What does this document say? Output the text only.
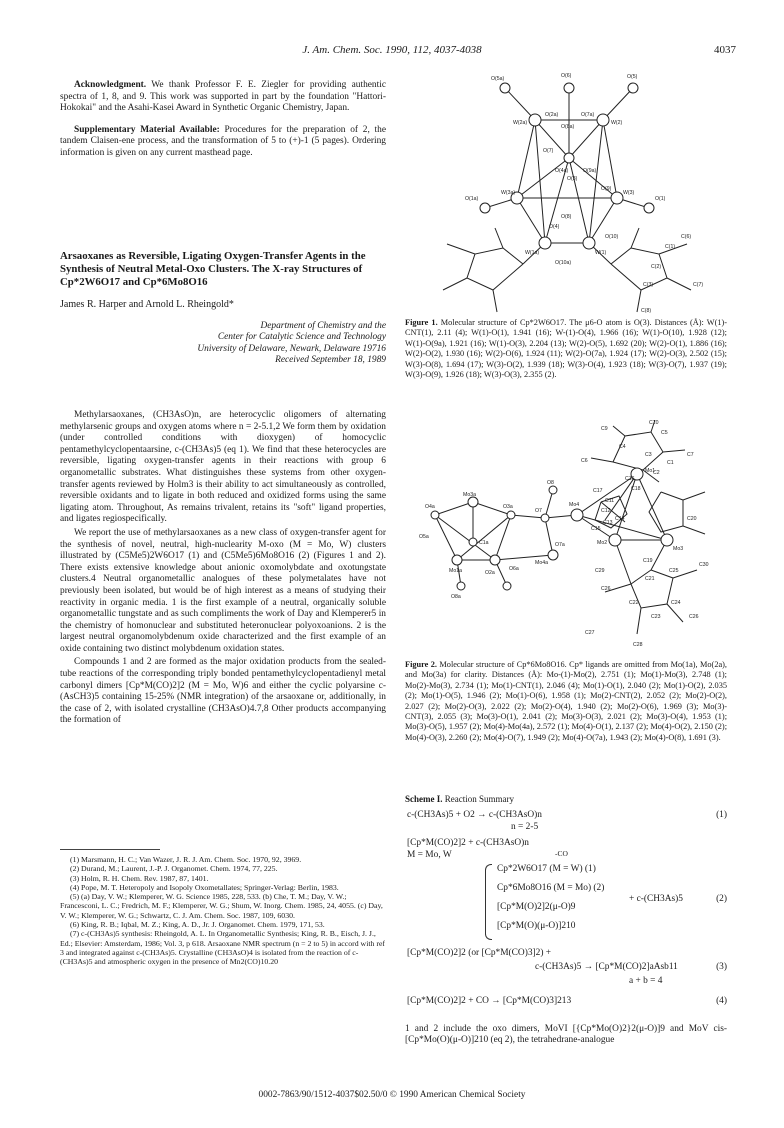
J. Am. Chem. Soc. 1990, 112, 4037-4038	4037

Acknowledgment. We thank Professor F. E. Ziegler for providing authentic spectra of 1, 8, and 9. This work was supported in part by the foundation "Hattori-Hokokai" and the Asahi-Kasei Award in Synthetic Organic Chemistry, Japan.

Supplementary Material Available: Procedures for the preparation of 2, the tandem Claisen-ene process, and the transformation of 5 to (+)-1 (5 pages). Ordering information is given on any current masthead page.

Arsaoxanes as Reversible, Ligating Oxygen-Transfer Agents in the Synthesis of Neutral Metal-Oxo Clusters. The X-ray Structures of Cp*2W6O17 and Cp*6Mo8O16

James R. Harper and Arnold L. Rheingold*

Department of Chemistry and the

Center for Catalytic Science and Technology

University of Delaware, Newark, Delaware 19716

Received September 18, 1989

Methylarsaoxanes, (CH3AsO)n, are heterocyclic oligomers of alternating methylarsenic groups and oxygen atoms where n = 2-5.1,2 We form them by oxidation (under controlled conditions with dioxygen) of homocyclic pentamethylcyclopentaarsine, c-(CH3As)5 (eq 1). We find that these heterocycles are reversible, ligating oxygen-transfer agents in their reactions with group 6 organometallic substrates. What distinguishes these systems from other oxygen-transfer agents reviewed by Holm3 is their ability to act simultaneously as controlled, reversible oxidants and to ligate in both reduced and oxidized forms using the same ligating atom. Throughout, As remains trivalent, retains its "soft" ligand properties, and ligates regiospecifically.

We report the use of methylarsaoxanes as a new class of oxygen-transfer agent for the synthesis of novel, neutral, high-nuclearity M-oxo (M = Mo, W) clusters illustrated by (C5Me5)2W6O17 (1) and (C5Me5)6Mo8O16 (2) (Figures 1 and 2). There exists extensive knowledge about anionic oxomolybdate and oxotungstate clusters.4 Neutral organometallic analogues of these polymetalates have not previously been isolated, but would be of high interest as a means of studying their reactivity in organic media. 1 is the first example of a neutral, organically soluble organometallic tungstate and as such compliments the work of Day and Klemperer5 in the chemistry of homonuclear and substituted heteronuclear polyoxoanions. 2 is the largest neutral organomolybdenum oxide characterized and the first example of an oxide containing two distinct molybdenum oxidation states.

Compounds 1 and 2 are formed as the major oxidation products from the sealed-tube reactions of the corresponding triply bonded pentamethylcyclopentadienyl metal carbonyl dimers [Cp*M(CO)2]2 (M = Mo, W)6 and either the cyclic polyarsine c-(AsCH3)5 containing 15-25% (NMR integration) of the arsaoxane or, additionally, in the case of 2, with isolated crystalline (CH3AsO)4.7,8 Other products accompanying the formation of

(1) Marsmann, H. C.; Van Wazer, J. R. J. Am. Chem. Soc. 1970, 92, 3969.

(2) Durand, M.; Laurent, J.-P. J. Organomet. Chem. 1974, 77, 225.

(3) Holm, R. H. Chem. Rev. 1987, 87, 1401.

(4) Pope, M. T. Heteropoly and Isopoly Oxometallates; Springer-Verlag: Berlin, 1983.

(5) (a) Day, V. W.; Klemperer, W. G. Science 1985, 228, 533. (b) Che, T. M.; Day, V. W.; Francesconi, L. C.; Fredrich, M. F.; Klemperer, W. G.; Shum, W. Inorg. Chem. 1985, 24, 4055. (c) Day, V. W.; Klemperer, W. G.; Schwartz, C. J. Am. Chem. Soc. 1987, 109, 6030.

(6) King, R. B.; Iqbal, M. Z.; King, A. D., Jr. J. Organomet. Chem. 1979, 171, 53.

(7) c-(CH3As)5 synthesis: Rheingold, A. L. In Organometallic Synthesis; King, R. B., Eisch, J. J., Ed.; Elsevier: Amsterdam, 1986; Vol. 3, p 618. Arsaoxane NMR spectrum (n = 2 to 5) in accord with ref 3 and integrated against c-(CH3As)5. Crystalline (CH3AsO)4 is isolated from the reaction of c-(CH3As)5 and atmospheric oxygen in the presence of Mn2(CO)10.20

O(5a)	O(6)	O(5)
W(2a)
O(2a)
O(8a)
O(7a)
W(2)
O(7)
O(4a)
O(1a)
O(3)
O(9a)
O(1)
O(9)
W(3a)	W(3)
W(1a)
O(4)
W(1)
O(10)	C(6)
O(8)
O(10a)
C(1)
C(2)
C(7)
C(3)
C(8)

Figure 1. Molecular structure of Cp*2W6O17. The μ6-O atom is O(3). Distances (Å): W(1)-CNT(1), 2.11 (4); W(1)-O(1), 1.941 (16); W-(1)-O(4), 1.966 (16); W(1)-O(10), 1.928 (12); W(1)-O(9a), 1.921 (16); W(1)-O(3), 2.204 (13); W(2)-O(5), 1.692 (20); W(2)-O(1), 1.886 (16); W(2)-O(2), 1.930 (16); W(2)-O(6), 1.924 (11); W(2)-O(7a), 1.924 (17); W(2)-O(3), 2.502 (15); W(3)-O(8), 1.694 (17); W(3)-O(2), 1.939 (18); W(3)-O(4), 1.923 (18); W(3)-O(7), 1.937 (19); W(3)-O(9), 1.926 (18); W(3)-O(3), 2.355 (2).

C10
C9
C5
C4
C6
C3
C1
C2
C7
C18
C16
C17
O8
Mo1
O4a
Mo3a
O3a
O7
Mo4
C12
C15
C11
O5a
C1a
C13
C14	C20
O7a
Mo4a
Mo2
Mo3
O6a
Mo1a	O2a
O8a
C19
C29
C30
C21
C25
C26
C22	C24
C28
C23
C27
C26

Figure 2. Molecular structure of Cp*6Mo8O16. Cp* ligands are omitted from Mo(1a), Mo(2a), and Mo(3a) for clarity. Distances (Å): Mo-(1)-Mo(2), 2.751 (1); Mo(1)-Mo(3), 2.748 (1); Mo(2)-Mo(3), 2.734 (1); Mo(1)-CNT(1), 2.046 (4); Mo(1)-O(1), 2.040 (2); Mo(1)-O(2), 2.035 (2); Mo(1)-O(5), 1.946 (2); Mo(1)-O(6), 1.958 (1); Mo(2)-CNT(2), 2.052 (2); Mo(2)-O(2), 2.027 (2); Mo(2)-O(3), 2.022 (2); Mo(2)-O(4), 1.940 (2); Mo(2)-O(6), 1.969 (3); Mo(3)-CNT(3), 2.055 (3); Mo(3)-O(1), 2.041 (2); Mo(3)-O(3), 2.021 (2); Mo(3)-O(4), 1.953 (1); Mo(3)-O(5), 1.957 (2); Mo(4)-Mo(4a), 2.572 (1); Mo(4)-O(1), 2.137 (2); Mo(4)-O(2), 2.150 (2); Mo(4)-O(3), 2.260 (2); Mo(4)-O(7), 1.949 (2); Mo(4)-O(7a), 1.943 (2); Mo(4)-O(8), 1.691 (3).

Scheme I. Reaction Summary

c-(CH3As)5 + O2 → c-(CH3AsO)n
n = 2-5
(1)
[Cp*M(CO)2]2 + c-(CH3AsO)n
-CO
M = Mo, W
Cp*2W6O17 (M = W) (1)
Cp*6Mo8O16 (M = Mo) (2)
[Cp*M(O)2]2(μ-O)9
[Cp*M(O)(μ-O)]210
+ c-(CH3As)5	(2)
[Cp*M(CO)2]2 (or [Cp*M(CO)3]2) +
c-(CH3As)5 → [Cp*M(CO)2]aAsb11
a + b = 4
(3)
[Cp*M(CO)2]2 + CO → [Cp*M(CO)3]213	(4)

1 and 2 include the oxo dimers, MoVI [{Cp*Mo(O)2}2(μ-O)]9 and MoV cis-[Cp*Mo(O)(μ-O)]210 (eq 2), the tetrahedrane-analogue

0002-7863/90/1512-4037$02.50/0 © 1990 American Chemical Society
